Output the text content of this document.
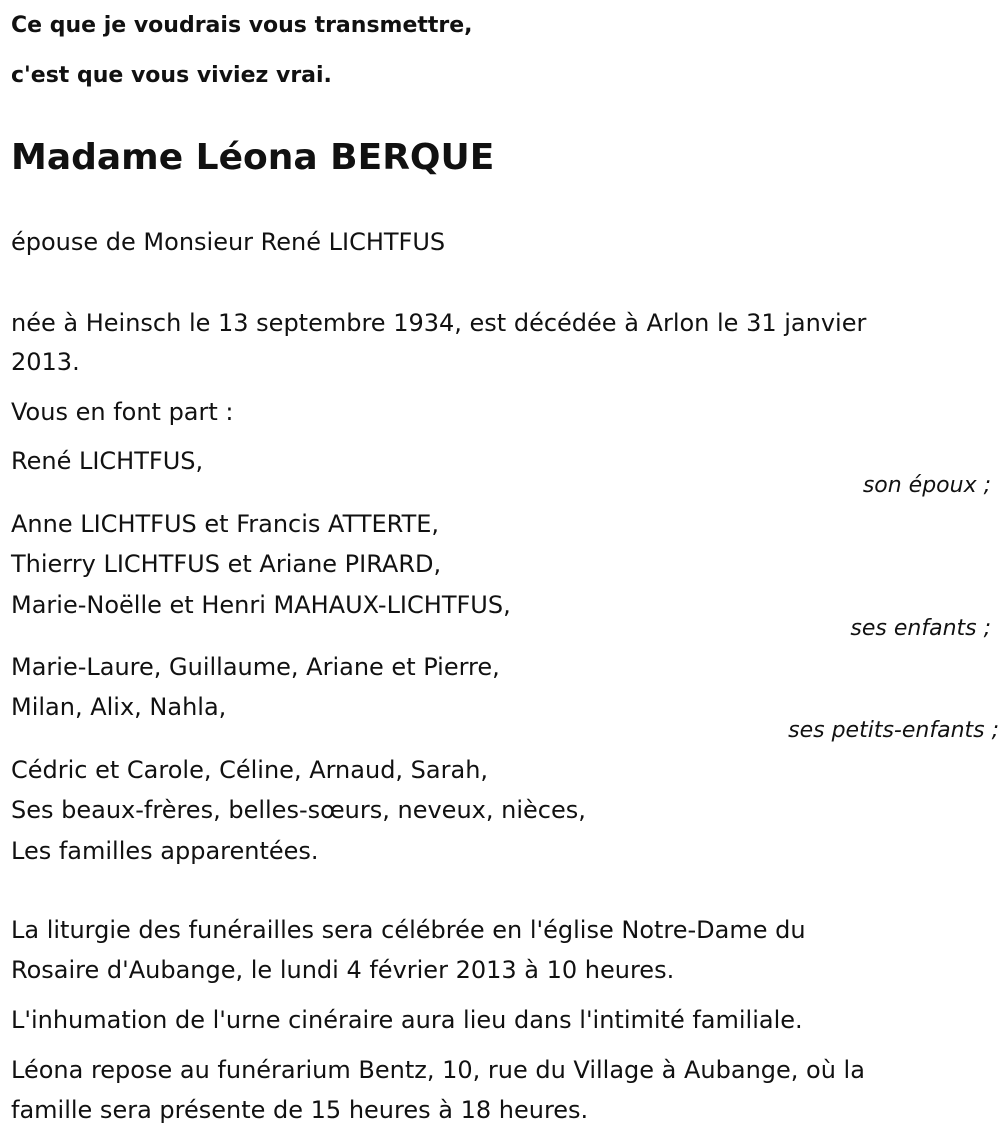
Ce que je voudrais vous transmettre,
c'est que vous viviez vrai.
Madame Léona BERQUE
épouse de Monsieur René LICHTFUS
née à Heinsch le 13 septembre 1934, est décédée à Arlon le 31 janvier
2013.
Vous en font part :
René LICHTFUS,
son époux ;
Anne LICHTFUS et Francis ATTERTE,
Thierry LICHTFUS et Ariane PIRARD,
Marie-Noëlle et Henri MAHAUX-LICHTFUS,
ses enfants ;
Marie-Laure, Guillaume, Ariane et Pierre,
Milan, Alix, Nahla,
ses petits-enfants ;
Cédric et Carole, Céline, Arnaud, Sarah,
Ses beaux-frères, belles-sœurs, neveux, nièces,
Les familles apparentées.
La liturgie des funérailles sera célébrée en l'église Notre-Dame du
Rosaire d'Aubange, le lundi 4 février 2013 à 10 heures.
L'inhumation de l'urne cinéraire aura lieu dans l'intimité familiale.
Léona repose au funérarium Bentz, 10, rue du Village à Aubange, où la
famille sera présente de 15 heures à 18 heures.
